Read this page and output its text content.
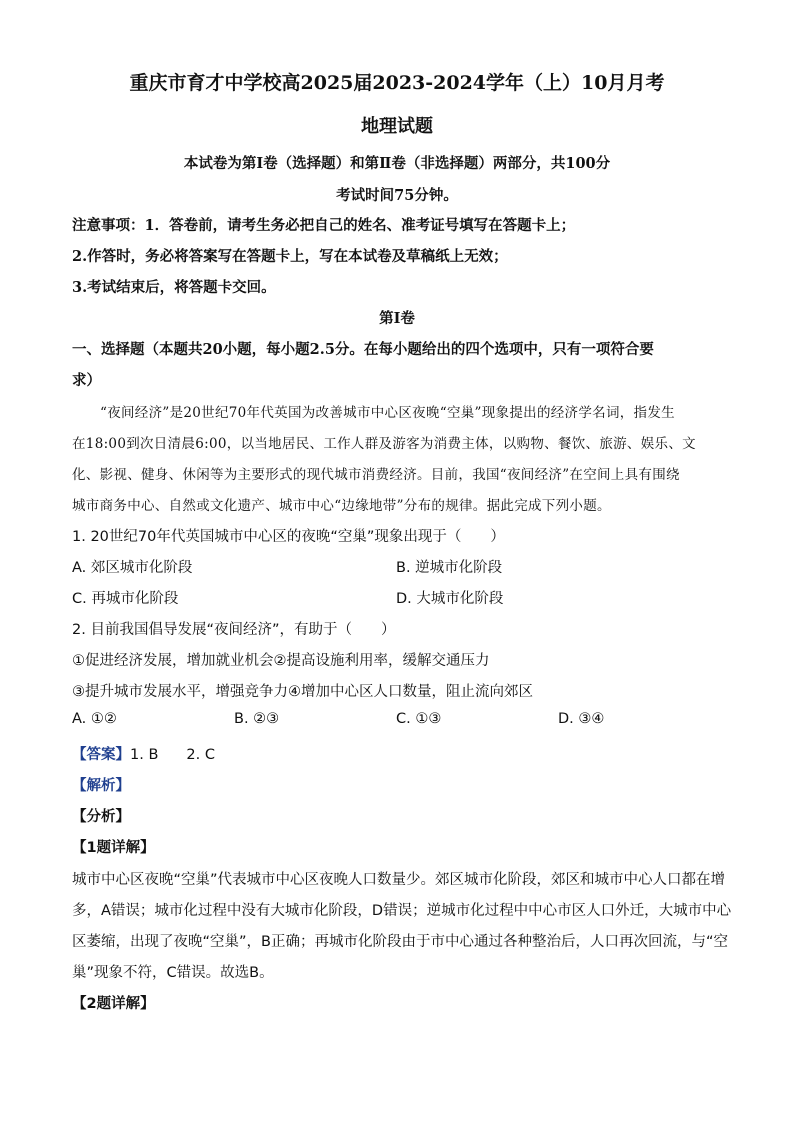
重庆市育才中学校高2025届2023-2024学年（上）10月月考
地理试题
本试卷为第Ⅰ卷（选择题）和第Ⅱ卷（非选择题）两部分，共100分
考试时间75分钟。
注意事项：1．答卷前，请考生务必把自己的姓名、准考证号填写在答题卡上；
2.作答时，务必将答案写在答题卡上，写在本试卷及草稿纸上无效；
3.考试结束后，将答题卡交回。
第Ⅰ卷
一、选择题（本题共20小题，每小题2.5分。在每小题给出的四个选项中，只有一项符合要
求）
“夜间经济”是20世纪70年代英国为改善城市中心区夜晚“空巢”现象提出的经济学名词，指发生
在18:00到次日清晨6:00，以当地居民、工作人群及游客为消费主体，以购物、餐饮、旅游、娱乐、文
化、影视、健身、休闲等为主要形式的现代城市消费经济。目前，我国“夜间经济”在空间上具有围绕
城市商务中心、自然或文化遗产、城市中心“边缘地带”分布的规律。据此完成下列小题。
1. 20世纪70年代英国城市中心区的夜晚“空巢”现象出现于（　　）
A. 郊区城市化阶段	B. 逆城市化阶段
C. 再城市化阶段	D. 大城市化阶段
2. 目前我国倡导发展“夜间经济”，有助于（　　）
①促进经济发展，增加就业机会②提高设施利用率，缓解交通压力
③提升城市发展水平，增强竞争力④增加中心区人口数量，阻止流向郊区
A. ①②	B. ②③	C. ①③	D. ③④
【答案】1. B 2. C
【解析】
【分析】
【1题详解】
城市中心区夜晚“空巢”代表城市中心区夜晚人口数量少。郊区城市化阶段，郊区和城市中心人口都在增
多，A错误；城市化过程中没有大城市化阶段，D错误；逆城市化过程中中心市区人口外迁，大城市中心
区萎缩，出现了夜晚“空巢”，B正确；再城市化阶段由于市中心通过各种整治后，人口再次回流，与“空
巢”现象不符，C错误。故选B。
【2题详解】
